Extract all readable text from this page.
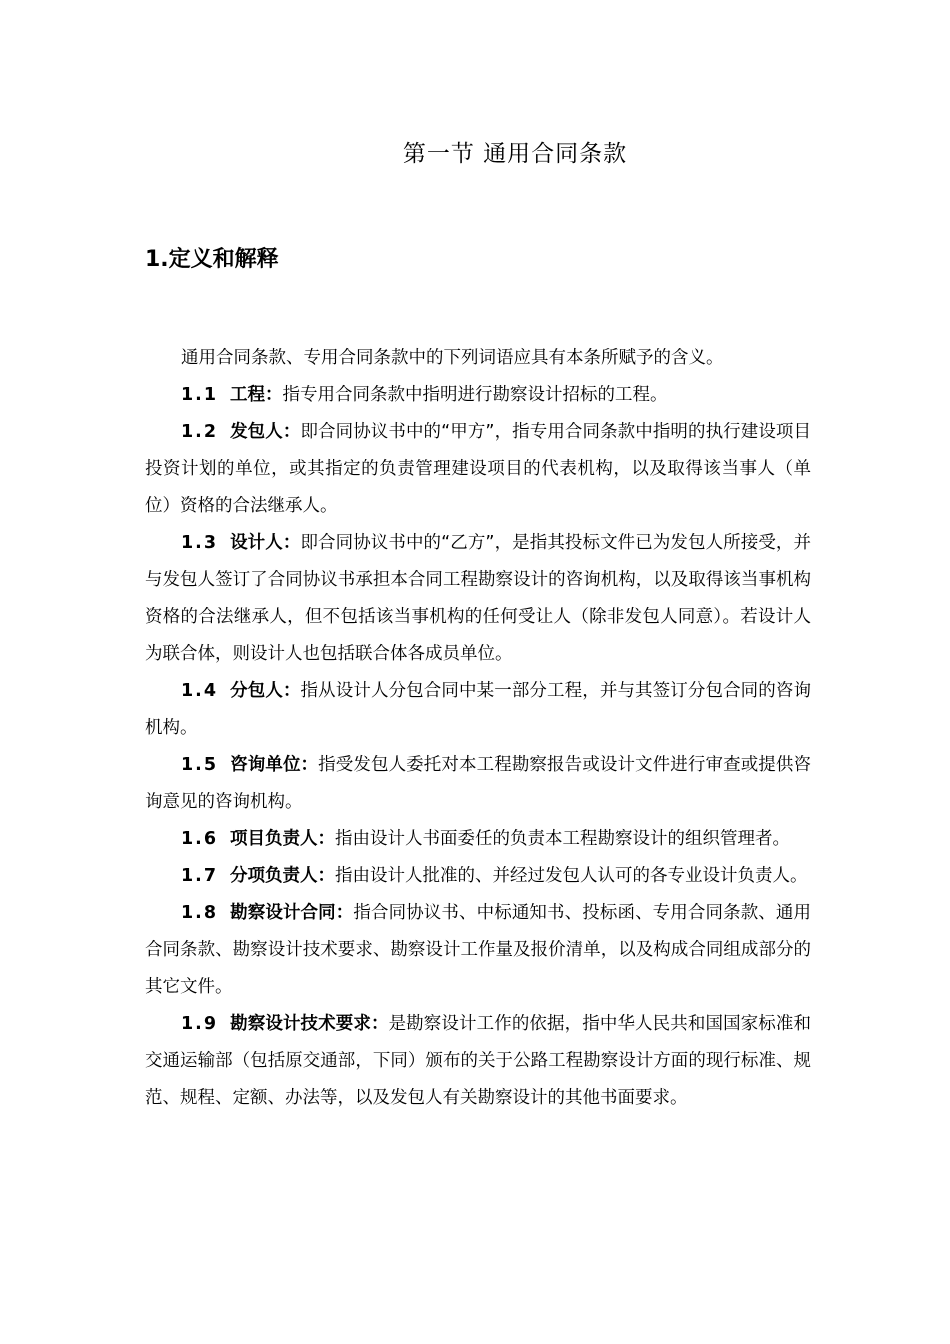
第一节 通用合同条款
1.定义和解释

通用合同条款、专用合同条款中的下列词语应具有本条所赋予的含义。

1.1 工程：指专用合同条款中指明进行勘察设计招标的工程。

1.2 发包人：即合同协议书中的“甲方”，指专用合同条款中指明的执行建设项目投资计划的单位，或其指定的负责管理建设项目的代表机构，以及取得该当事人（单位）资格的合法继承人。

1.3 设计人：即合同协议书中的“乙方”，是指其投标文件已为发包人所接受，并与发包人签订了合同协议书承担本合同工程勘察设计的咨询机构，以及取得该当事机构资格的合法继承人，但不包括该当事机构的任何受让人（除非发包人同意）。若设计人为联合体，则设计人也包括联合体各成员单位。

1.4 分包人：指从设计人分包合同中某一部分工程，并与其签订分包合同的咨询机构。

1.5 咨询单位：指受发包人委托对本工程勘察报告或设计文件进行审查或提供咨询意见的咨询机构。

1.6 项目负责人：指由设计人书面委任的负责本工程勘察设计的组织管理者。

1.7 分项负责人：指由设计人批准的、并经过发包人认可的各专业设计负责人。

1.8 勘察设计合同：指合同协议书、中标通知书、投标函、专用合同条款、通用合同条款、勘察设计技术要求、勘察设计工作量及报价清单，以及构成合同组成部分的其它文件。

1.9 勘察设计技术要求：是勘察设计工作的依据，指中华人民共和国国家标准和交通运输部（包括原交通部，下同）颁布的关于公路工程勘察设计方面的现行标准、规范、规程、定额、办法等，以及发包人有关勘察设计的其他书面要求。
